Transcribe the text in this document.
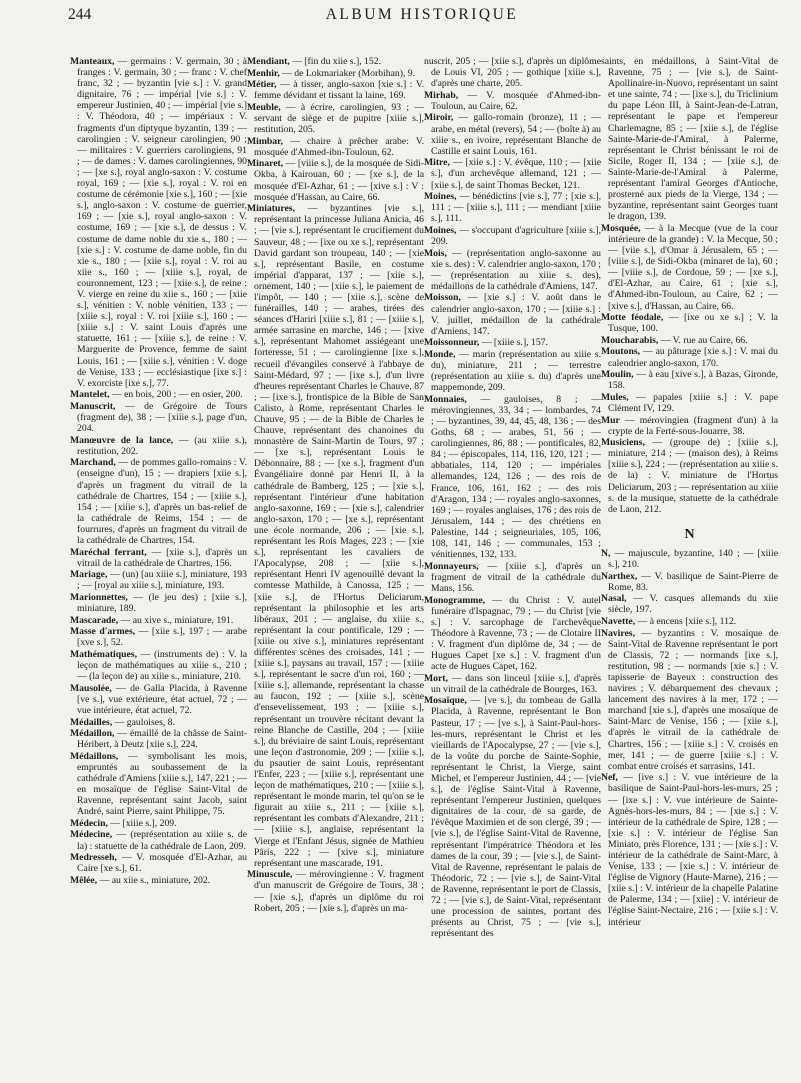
244	ALBUM HISTORIQUE

Manteaux, — germains : V. germain, 30 ; à franges : V. germain, 30 ; — franc : V. chef franc, 32 ; — byzantin [vie s.] : V. grand dignitaire, 76 ; — impérial [vie s.] : V. empereur Justinien, 40 ; — impérial [vie s.] : V. Théodora, 40 ; — impériaux : V. fragments d'un diptyque byzantin, 139 ; — carolingien : V. seigneur carolingien, 90 ; — militaires : V. guerriers carolingiens, 91 ; — de dames : V. dames carolingiennes, 90 ; — [xe s.], royal anglo-saxon : V. costume royal, 169 ; — [xie s.], royal : V. roi en costume de cérémonie [xie s.], 160 ; — [xie s.], anglo-saxon : V. costume de guerrier, 169 ; — [xie s.], royal anglo-saxon : V. costume, 169 ; — [xie s.], de dessus : V. costume de dame noble du xie s., 180 ; — [xie s.] : V. costume de dame noble, fin du xie s., 180 ; — [xiie s.], royal : V. roi au xiie s., 160 ; — [xiiie s.], royal, de couronnement, 123 ; — [xiie s.], de reine : V. vierge en reine du xiie s., 160 ; — [xiie s.], vénitien : V. noble vénitien, 133 ; — [xiiie s.], royal : V. roi [xiiie s.], 160 ; — [xiiie s.] : V. saint Louis d'après une statuette, 161 ; — [xiiie s.], de reine : V. Marguerite de Provence, femme de saint Louis, 161 ; — [xiiie s.], vénitien : V. doge de Venise, 133 ; — ecclésiastique [ixe s.] : V. exorciste [ixe s.], 77.

Mantelet, — en bois, 200 ; — en osier, 200.

Manuscrit, — de Grégoire de Tours (fragment de), 38 ; — [xiiie s.], page d'un, 204.

Manœuvre de la lance, — (au xiiie s.), restitution, 202.

Marchand, — de pommes gallo-romains : V. (enseigne d'un), 15 ; — drapiers [xiie s.], d'après un fragment du vitrail de la cathédrale de Chartres, 154 ; — [xiiie s.], 154 ; — [xiiie s.], d'après un bas-relief de la cathédrale de Reims, 154 ; — de fourrures, d'après un fragment du vitrail de la cathédrale de Chartres, 154.

Maréchal ferrant, — [xiie s.], d'après un vitrail de la cathédrale de Chartres, 156.

Mariage, — (un) [au xiiie s.], miniature, 193 ; — [royal au xiiie s.], miniature, 193.

Marionnettes, — (le jeu des) ; [xiie s.], miniature, 189.

Mascarade, — au xive s., miniature, 191.

Masse d'armes, — [xiie s.], 197 ; — arabe [xve s.], 52.

Mathématiques, — (instruments de) : V. la leçon de mathématiques au xiiie s., 210 ; — (la leçon de) au xiiie s., miniature, 210.

Mausolée, — de Galla Placida, à Ravenne [ve s.], vue extérieure, état actuel, 72 ; — vue intérieure, état actuel, 72.

Médailles, — gauloises, 8.

Médaillon, — émaillé de la châsse de Saint-Héribert, à Deutz [xiie s.], 224.

Médaillons, — symbolisant les mois, empruntés au soubassement de la cathédrale d'Amiens [xiiie s.], 147, 221 ; — en mosaïque de l'église Saint-Vital de Ravenne, représentant saint Jacob, saint André, saint Pierre, saint Philippe, 75.

Médecin, — [xiiie s.], 209.

Médecine, — (représentation au xiiie s. de la) : statuette de la cathédrale de Laon, 209.

Medresseh, — V. mosquée d'El-Azhar, au Caire [xe s.], 61.

Mêlée, — au xiie s., miniature, 202.

Mendiant, — [fin du xiie s.], 152.

Menhir, — de Lokmariaker (Morbihan), 9.

Métier, — à tisser, anglo-saxon [xie s.] : V. femme dévidant et tissant la laine, 169.

Meuble, — à écrire, carolingien, 93 ; — servant de siège et de pupitre [xiiie s.], restitution, 205.

Mimbar, — chaire à prêcher arabe: V. mosquée d'Ahmed-ibn-Touloun, 62.

Minaret, — [viiie s.], de la mosquée de Sidi-Okba, à Kairouan, 60 ; — [xe s.], de la mosquée d'El-Azhar, 61 ; — [xive s.] : V : mosquée d'Hassan, au Caire, 66.

Miniatures, — byzantines [vie s.], représentant la princesse Juliana Anicia, 46 ; — [vie s.], représentant le crucifiement du Sauveur, 48 ; — [ixe ou xe s.], représentant David gardant son troupeau, 140 ; — [xie s.], représentant Basile, en costume impérial d'apparat, 137 ; — [xiie s.], ornement, 140 ; — [xiie s.], le paiement de l'impôt, — 140 ; — [xiie s.], scène de funérailles, 140 ; — arabes, tirées des séances d'Hariri [xiiie s.], 81 ; — [xiiie s.], armée sarrasine en marche, 146 ; — [xive s.], représentant Mahomet assiégeant une forteresse, 51 ; — carolingienne [ixe s.], recueil d'évangiles conservé à l'abbaye de Saint-Médard, 97 ; — [ixe s.], d'un livre d'heures représentant Charles le Chauve, 87 ; — [ixe s.], frontispice de la Bible de San Calisto, à Rome, représentant Charles le Chauve, 95 ; — de la Bible de Charles le Chauve, représentant des chanoines du monastère de Saint-Martin de Tours, 97 ; — [xe s.], représentant Louis le Débonnaire, 88 ; — [xe s.], fragment d'un Évangéliaire donné par Henri II, à la cathédrale de Bamberg, 125 ; — [xie s.], représentant l'intérieur d'une habitation anglo-saxonne, 169 ; — [xie s.], calendrier anglo-saxon, 170 ; — [xe s.], représentant une école normande, 206 ; — [xie s.], représentant les Rois Mages, 223 ; — [xie s.], représentant les cavaliers de l'Apocalypse, 208 ; — [xiie s.], représentant Henri IV agenouillé devant la comtesse Mathilde, à Canossa, 125 ; — [xiie s.], de l'Hortus Deliciarum, représentant la philosophie et les arts libéraux, 201 ; — anglaise, du xiiie s., représentant la cour pontificale, 129 ; — [xiiie ou xive s.], miniatures représentant différentes scènes des croisades, 141 ; — [xiiie s.], paysans au travail, 157 ; — [xiiie s.], représentant le sacre d'un roi, 160 ; — [xiiie s.], allemande, représentant la chasse au faucon, 192 ; — [xiiie s.], scène d'ensevelissement, 193 ; — [xiiie s.], représentant un trouvère récitant devant la reine Blanche de Castille, 204 ; — [xiiie s.], du bréviaire de saint Louis, représentant une leçon d'astronomie, 209 ; — [xiiie s.], du psautier de saint Louis, représentant l'Enfer, 223 ; — [xiiie s.], représentant une leçon de mathématiques, 210 ; — [xiiie s.], représentant le monde marin, tel qu'on se le figurait au xiiie s., 211 ; — [xiiie s.], représentant les combats d'Alexandre, 211 ; — [xiiie s.], anglaise, représentant la Vierge et l'Enfant Jésus, signée de Mathieu Pâris, 222 ; — [xive s.], miniature représentant une mascarade, 191.

Minuscule, — mérovingienne : V. fragment d'un manuscrit de Grégoire de Tours, 38 ; — [xie s.], d'après un diplôme du roi Robert, 205 ; — [xie s.], d'après un ma-

nuscrit, 205 ; — [xiie s.], d'après un diplôme de Louis VI, 205 ; — gothique [xiiie s.], d'après une charte, 205.

Mirhab, — V. mosquée d'Ahmed-ibn-Touloun, au Caire, 62.

Miroir, — gallo-romain (bronze), 11 ; — arabe, en métal (revers), 54 ; — (boîte à) au xiiie s., en ivoire, représentant Blanche de Castille et saint Louis, 161.

Mitre, — [xiie s.] : V. évêque, 110 ; — [xiie s.], d'un archevêque allemand, 121 ; — [xiie s.], de saint Thomas Becket, 121.

Moines, — bénédictins [vie s.], 77 ; [xie s.], 111 ; — [xiiie s.], 111 ; — mendiant [xiiie s.], 111.

Moines, — s'occupant d'agriculture [xiiie s.], 209.

Mois, — (représentation anglo-saxonne au xie s. des) : V. calendrier anglo-saxon, 170 ; — (représentation au xiiie s. des), médaillons de la cathédrale d'Amiens, 147.

Moisson, — [xie s.] : V. août dans le calendrier anglo-saxon, 170 ; — [xiiie s.] : V. juillet, médaillon de la cathédrale d'Amiens, 147.

Moissonneur, — [xiiie s.], 157.

Monde, — marin (représentation au xiiie s. du), miniature, 211 ; — terrestre (représentation au xiiie s. du) d'après une mappemonde, 209.

Monnaies, — gauloises, 8 ; — mérovingiennes, 33, 34 ; — lombardes, 74 ; — byzantines, 39, 44, 45, 48, 136 ; — des Goths, 68 ; — arabes, 51, 56 ; — carolingiennes, 86, 88 ; — pontificales, 82, 84 ; — épiscopales, 114, 116, 120, 121 ; — abbatiales, 114, 120 ; — impériales allemandes, 124, 126 ; — des rois de France, 106, 161, 162 ; — des rois d'Aragon, 134 ; — royales anglo-saxonnes, 169 ; — royales anglaises, 176 ; des rois de Jérusalem, 144 ; — des chrétiens en Palestine, 144 ; seigneuriales, 105, 106, 108, 141, 146 ; — communales, 153 ; vénitiennes, 132, 133.

Monnayeurs, — [xiiie s.], d'après un fragment de vitrail de la cathédrale du Mans, 156.

Monogramme, — du Christ : V. autel funéraire d'Ispagnac, 79 ; — du Christ [vie s.] : V. sarcophage de l'archevêque Théodore à Ravenne, 73 ; — de Clotaire II : V. fragment d'un diplôme de, 34 ; — de Hugues Capet [xe s.] : V. fragment d'un acte de Hugues Capet, 162.

Mort, — dans son linceul [xiiie s.], d'après un vitrail de la cathédrale de Bourges, 163.

Mosaïque, — [ve s.], du tombeau de Galla Placida, à Ravenne, représentant le Bon Pasteur, 17 ; — [ve s.], à Saint-Paul-hors-les-murs, représentant le Christ et les vieillards de l'Apocalypse, 27 ; — [vie s.], de la voûte du porche de Sainte-Sophie, représentant le Christ, la Vierge, saint Michel, et l'empereur Justinien, 44 ; — [vie s.], de l'église Saint-Vital à Ravenne, représentant l'empereur Justinien, quelques dignitaires de la cour, de sa garde, de l'évêque Maximien et de son clergé, 39 ; — [vie s.], de l'église Saint-Vital de Ravenne, représentant l'impératrice Théodora et les dames de la cour, 39 ; — [vie s.], de Saint-Vital de Ravenne, représentant le palais de Théodoric, 72 ; — [vie s.], de Saint-Vital de Ravenne, représentant le port de Classis, 72 ; — [vie s.], de Saint-Vital, représentant une procession de saintes, portant des présents au Christ, 75 ; — [vie s.], représentant des

saints, en médaillons, à Saint-Vital de Ravenne, 75 ; — [vie s.], de Saint-Apollinaire-in-Nuovo, représentant un saint et une sainte, 74 ; — [ixe s.], du Triclinium du pape Léon III, à Saint-Jean-de-Latran, représentant le pape et l'empereur Charlemagne, 85 ; — [xiie s.], de l'église Sainte-Marie-de-l'Amiral, à Palerme, représentant le Christ bénissant le roi de Sicile, Roger II, 134 ; — [xiie s.], de Sainte-Marie-de-l'Amiral à Palerme, représentant l'amiral Georges d'Antioche, prosterné aux pieds de la Vierge, 134 ; — byzantine, représentant saint Georges tuant le dragon, 139.

Mosquée, — à la Mecque (vue de la cour intérieure de la grande) : V. la Mecque, 50 ; — [viie s.], d'Omar à Jérusalem, 65 ; — [viiie s.], de Sidi-Okba (minaret de la), 60 ; — [viiie s.], de Cordoue, 59 ; — [xe s.], d'El-Azhar, au Caire, 61 ; [xie s.], d'Ahmed-ibn-Touloun, au Caire, 62 ; — [xive s.], d'Hassan, au Caire, 66.

Motte féodale, — [ixe ou xe s.] ; V. la Tusque, 100.

Moucharabis, — V. rue au Caire, 66.

Moutons, — au pâturage [xie s.] : V. mai du calendrier anglo-saxon, 170.

Moulin, — à eau [xive s.], à Bazas, Gironde, 158.

Mules, — papales [xiiie s.] : V. pape Clément IV, 129.

Mur — mérovingien (fragment d'un) à la crypte de la Ferté-sous-Jouarre, 38.

Musiciens, — (groupe de) ; [xiiie s.], miniature, 214 ; — (maison des), à Reims [xiiie s.], 224 ; — (représentation au xiiie s. de la) : V. miniature de l'Hortus Deliciarum, 203 ; — représentation au xiiie s. de la musique, statuette de la cathédrale de Laon, 212.

N

N, — majuscule, byzantine, 140 ; — [xiiie s.], 210.

Narthex, — V. basilique de Saint-Pierre de Rome, 83.

Nasal, — V. casques allemands du xiie siècle, 197.

Navette, — à encens [xiie s.], 112.

Navires, — byzantins : V. mosaïque de Saint-Vital de Ravenne représentant le port de Classis, 72 ; — normands [ixe s.], restitution, 98 ; — normands [xie s.] : V. tapisserie de Bayeux : construction des navires ; V. débarquement des chevaux ; lancement des navires à la mer, 172 ; — marchand [xie s.], d'après une mosaïque de Saint-Marc de Venise, 156 ; — [xiie s.], d'après le vitrail de la cathédrale de Chartres, 156 ; — [xiiie s.] : V. croisés en mer, 141 ; — de guerre [xiiie s.] : V. combat entre croisés et sarrasins, 141.

Nef, — [ive s.] : V. vue intérieure de la basilique de Saint-Paul-hors-les-murs, 25 ; — [ixe s.] : V. vue intérieure de Sainte-Agnès-hors-les-murs, 84 ; — [xie s.] : V. intérieur de la cathédrale de Spire, 128 ; — [xie s.] : V. intérieur de l'église San Miniato, près Florence, 131 ; — [xie s.] : V. intérieur de la cathédrale de Saint-Marc, à Venise, 133 ; — [xie s.] : V. intérieur de l'église de Vignory (Haute-Marne), 216 ; — [xiie s.] : V. intérieur de la chapelle Palatine de Palerme, 134 ; — [xiie] : V. intérieur de l'église Saint-Nectaire, 216 ; — [xiie s.] : V. intérieur
